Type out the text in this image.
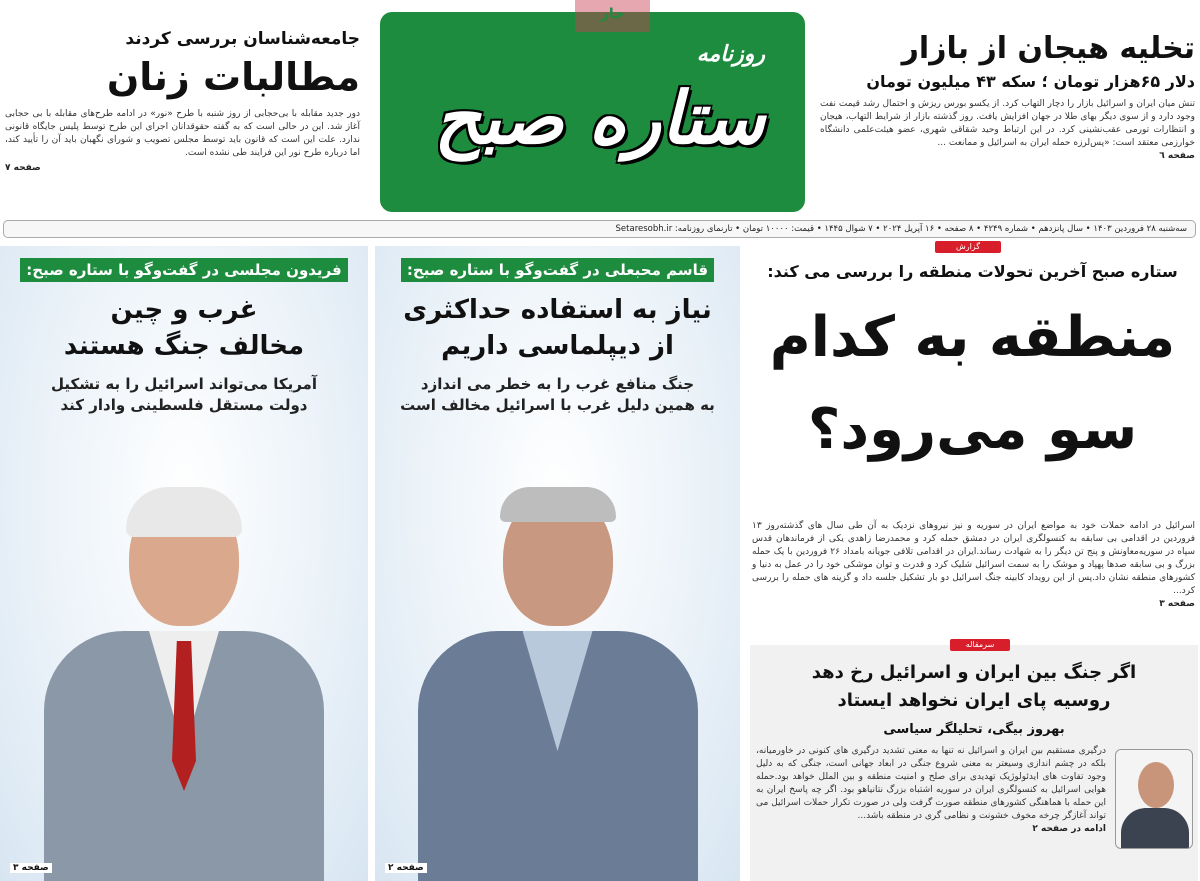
جامعه‌شناسان بررسی کردند
مطالبات زنان
دور جدید مقابله با بی‌حجابی از روز شنبه با طرح «نور» در ادامه طرح‌های مقابله با بی حجابی آغاز شد. این در حالی است که به گفته حقوقدانان اجرای این طرح توسط پلیس جایگاه قانونی ندارد. علت این است که قانون باید توسط مجلس تصویب و شورای نگهبان باید آن را تأیید کند، اما درباره طرح نور این فرایند طی نشده است.
صفحه ۷
روزنامه
ستاره صبح
جار
تخلیه هیجان از بازار
دلار ۶۵هزار تومان ؛ سکه ۴۳ میلیون تومان
تنش میان ایران و اسرائیل بازار را دچار التهاب کرد. از یکسو بورس ریزش و احتمال رشد قیمت نفت وجود دارد و از سوی دیگر بهای طلا در جهان افزایش یافت. روز گذشته بازار از شرایط التهاب، هیجان و انتظارات تورمی عقب‌نشینی کرد. در این ارتباط وحید شقاقی شهری، عضو هیئت‌علمی دانشگاه خوارزمی معتقد است: «پس‌لرزه حمله ایران به اسرائیل و ممانعت ...
صفحه ٦
سه‌شنبه ۲۸ فروردین ۱۴۰۳ • سال پانزدهم • شماره ۴۲۴۹ • ۸ صفحه • ۱۶ آپریل ۲۰۲۴ • ۷ شوال ۱۴۴۵ • قیمت: ۱۰۰۰۰ تومان • تارنمای روزنامه: Setaresobh.ir
فریدون مجلسی در گفت‌وگو با ستاره صبح:
غرب و چین
مخالف جنگ هستند
آمریکا می‌تواند اسرائیل را به تشکیل
دولت مستقل فلسطینی وادار کند
صفحه ۳
قاسم محبعلی در گفت‌وگو با ستاره صبح:
نیاز به استفاده حداکثری
از دیپلماسی داریم
جنگ منافع غرب را به خطر می اندازد
به همین دلیل غرب با اسرائیل مخالف است
صفحه ۲
گزارش
ستاره صبح آخرین تحولات منطقه را بررسی می کند:
منطقه به کدام
سو می‌رود؟
اسرائیل در ادامه حملات خود به مواضع ایران در سوریه و نیز نیروهای نزدیک به آن طی سال های گذشته‌روز ۱۳ فروردین در اقدامی بی سابقه به کنسولگری ایران در دمشق حمله کرد و محمدرضا زاهدی یکی از فرماندهان قدس سپاه در سوریه‌معاونش و پنج تن دیگر را به شهادت رساند.ایران در اقدامی تلافی جویانه بامداد ۲۶ فروردین با یک حمله بزرگ و بی سابقه صدها پهپاد و موشک را به سمت اسرائیل شلیک کرد و قدرت و توان موشکی خود را در عمل به دنیا و کشورهای منطقه نشان داد.پس از این رویداد کابینه جنگ اسرائیل دو بار تشکیل جلسه داد و گزینه های حمله را بررسی کرد...
صفحه ۳
اگر جنگ بین ایران و اسرائیل رخ دهد
روسیه پای ایران نخواهد ایستاد
بهروز بیگی، تحلیلگر سیاسی
درگیری مستقیم بین ایران و اسرائیل نه تنها به معنی تشدید درگیری های کنونی در خاورمیانه، بلکه در چشم اندازی وسیعتر به معنی شروع جنگی در ابعاد جهانی است، جنگی که به دلیل وجود تفاوت های ایدئولوژیک تهدیدی برای صلح و امنیت منطقه و بین الملل خواهد بود.حمله هوایی اسرائیل به کنسولگری ایران در سوریه اشتباه بزرگ نتانیاهو بود. اگر چه پاسخ ایران به این حمله با هماهنگی کشورهای منطقه صورت گرفت ولی در صورت تکرار حملات اسرائیل می تواند آغازگر چرخه مخوف خشونت و نظامی گری در منطقه باشد...
ادامه در صفحه ۲
سرمقاله
